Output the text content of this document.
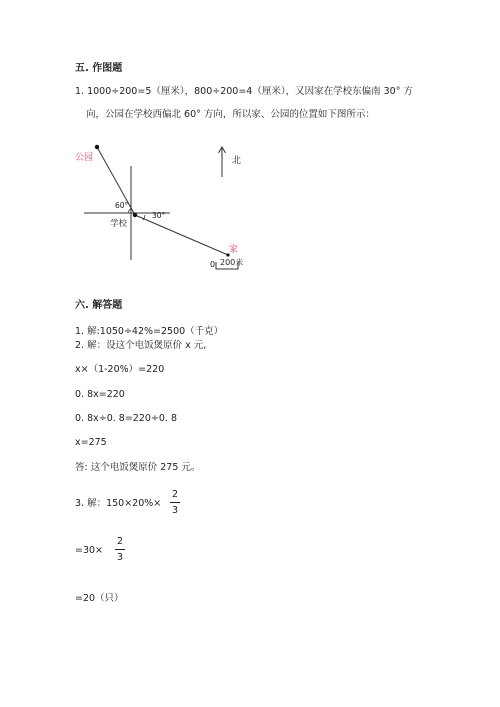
五. 作图题
1. 1000÷200=5（厘米），800÷200=4（厘米），又因家在学校东偏南 30° 方
向，公园在学校西偏北 60° 方向，所以家、公园的位置如下图所示：
公园
60°
30°
学校
家
北
0 200米
六. 解答题
1. 解:1050÷42%=2500（千克）
2. 解：设这个电饭煲原价 x 元,
x×（1-20%）=220
0. 8x=220
0. 8x÷0. 8=220÷0. 8
x=275
答: 这个电饭煲原价 275 元。
3. 解：150×20%×
2
3
=30×
2
3
=20（只）
